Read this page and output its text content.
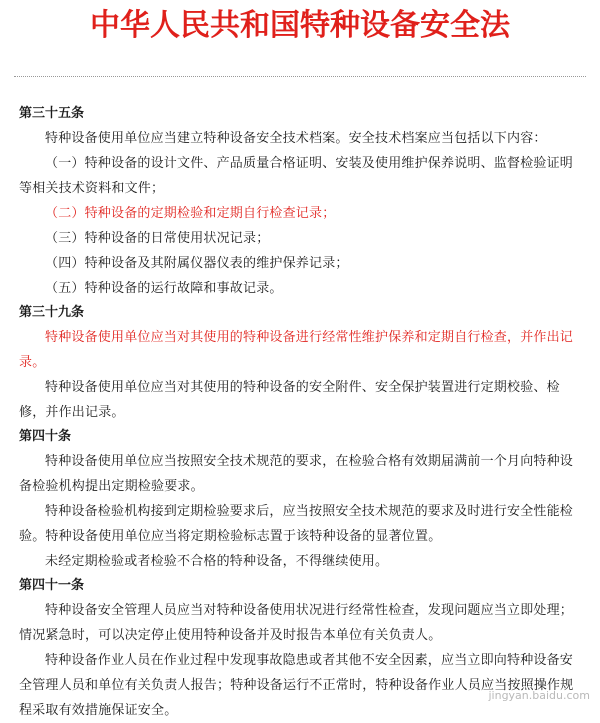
中华人民共和国特种设备安全法
第三十五条
特种设备使用单位应当建立特种设备安全技术档案。安全技术档案应当包括以下内容：
（一）特种设备的设计文件、产品质量合格证明、安装及使用维护保养说明、监督检验证明等相关技术资料和文件；
（二）特种设备的定期检验和定期自行检查记录；
（三）特种设备的日常使用状况记录；
（四）特种设备及其附属仪器仪表的维护保养记录；
（五）特种设备的运行故障和事故记录。
第三十九条
特种设备使用单位应当对其使用的特种设备进行经常性维护保养和定期自行检查，并作出记录。
特种设备使用单位应当对其使用的特种设备的安全附件、安全保护装置进行定期校验、检修，并作出记录。
第四十条
特种设备使用单位应当按照安全技术规范的要求，在检验合格有效期届满前一个月向特种设备检验机构提出定期检验要求。
特种设备检验机构接到定期检验要求后，应当按照安全技术规范的要求及时进行安全性能检验。特种设备使用单位应当将定期检验标志置于该特种设备的显著位置。
未经定期检验或者检验不合格的特种设备，不得继续使用。
第四十一条
特种设备安全管理人员应当对特种设备使用状况进行经常性检查，发现问题应当立即处理；情况紧急时，可以决定停止使用特种设备并及时报告本单位有关负责人。
特种设备作业人员在作业过程中发现事故隐患或者其他不安全因素，应当立即向特种设备安全管理人员和单位有关负责人报告；特种设备运行不正常时，特种设备作业人员应当按照操作规程采取有效措施保证安全。
jingyan.baidu.com
